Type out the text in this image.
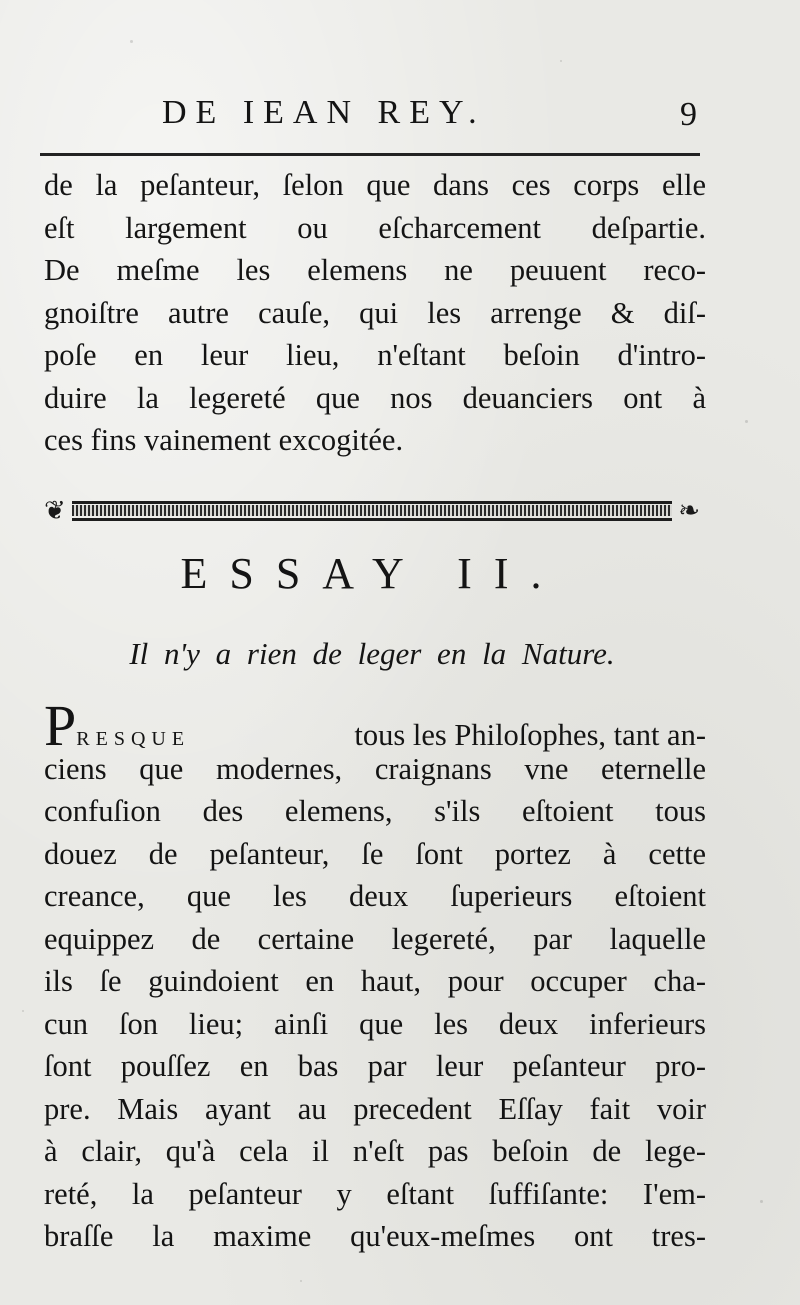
DE IEAN REY.	9
de la peſanteur, ſelon que dans ces corps elle
eſt largement ou eſcharcement deſpartie.
De meſme les elemens ne peuuent reco-
gnoiſtre autre cauſe, qui les arrenge & diſ-
poſe en leur lieu, n'eſtant beſoin d'intro-
duire la legereté que nos deuanciers ont à
ces fins vainement excogitée.
❦	❧
ESSAY II.
Il n'y a rien de leger en la Nature.
PRESQUE	tous les Philoſophes, tant an-
ciens que modernes, craignans vne eternelle
confuſion des elemens, s'ils eſtoient tous
douez de peſanteur, ſe ſont portez à cette
creance, que les deux ſuperieurs eſtoient
equippez de certaine legereté, par laquelle
ils ſe guindoient en haut, pour occuper cha-
cun ſon lieu; ainſi que les deux inferieurs
ſont pouſſez en bas par leur peſanteur pro-
pre. Mais ayant au precedent Eſſay fait voir
à clair, qu'à cela il n'eſt pas beſoin de lege-
reté, la peſanteur y eſtant ſuffiſante: I'em-
braſſe la maxime qu'eux-meſmes ont tres-
